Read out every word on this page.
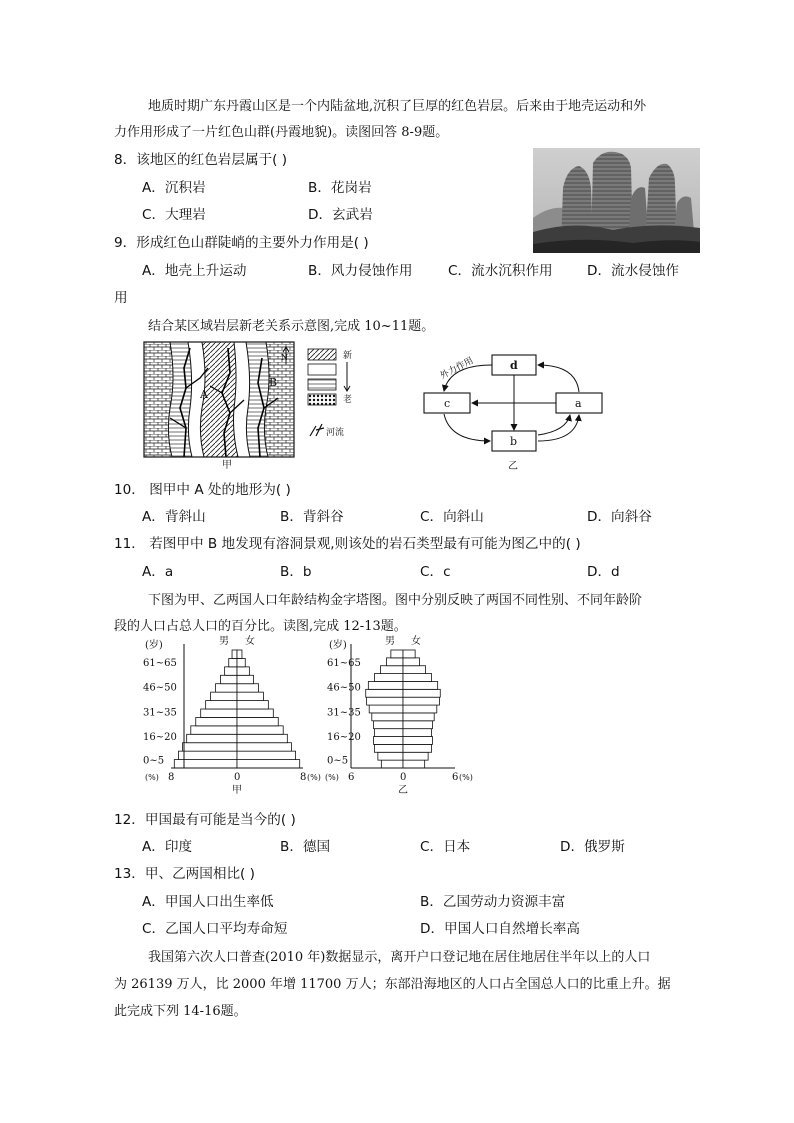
地质时期广东丹霞山区是一个内陆盆地,沉积了巨厚的红色岩层。后来由于地壳运动和外
力作用形成了一片红色山群(丹霞地貌)。读图回答 8-9题。
8．该地区的红色岩层属于( )
A．沉积岩	B．花岗岩
C．大理岩	D．玄武岩
9．形成红色山群陡峭的主要外力作用是( )
A．地壳上升运动	B．风力侵蚀作用	C．流水沉积作用	D．流水侵蚀作
用
结合某区域岩层新老关系示意图,完成 10~11题。
A
B
N	新
老
河流
甲
d
c	a
b
外力作用
乙
10． 图甲中 A 处的地形为( )
A．背斜山	B．背斜谷	C．向斜山	D．向斜谷
11． 若图甲中 B 地发现有溶洞景观,则该处的岩石类型最有可能为图乙中的( )
A．a	B．b	C．c	D．d
下图为甲、乙两国人口年龄结构金字塔图。图中分别反映了两国不同性别、不同年龄阶
段的人口占总人口的百分比。读图,完成 12-13题。
61~65
46~50
31~35
16~20
0~5
(岁)	男 女
(%) 8	0	8 (%)
甲
61~65
46~50
31~35
16~20
0~5
(岁)	男 女
(%) 6	0	6 (%)
乙
12．甲国最有可能是当今的( )
A．印度	B．德国	C．日本	D．俄罗斯
13．甲、乙两国相比( )
A．甲国人口出生率低	B．乙国劳动力资源丰富
C．乙国人口平均寿命短	D．甲国人口自然增长率高
我国第六次人口普查(2010 年)数据显示，离开户口登记地在居住地居住半年以上的人口
为 26139 万人，比 2000 年增 11700 万人；东部沿海地区的人口占全国总人口的比重上升。据
此完成下列 14-16题。
